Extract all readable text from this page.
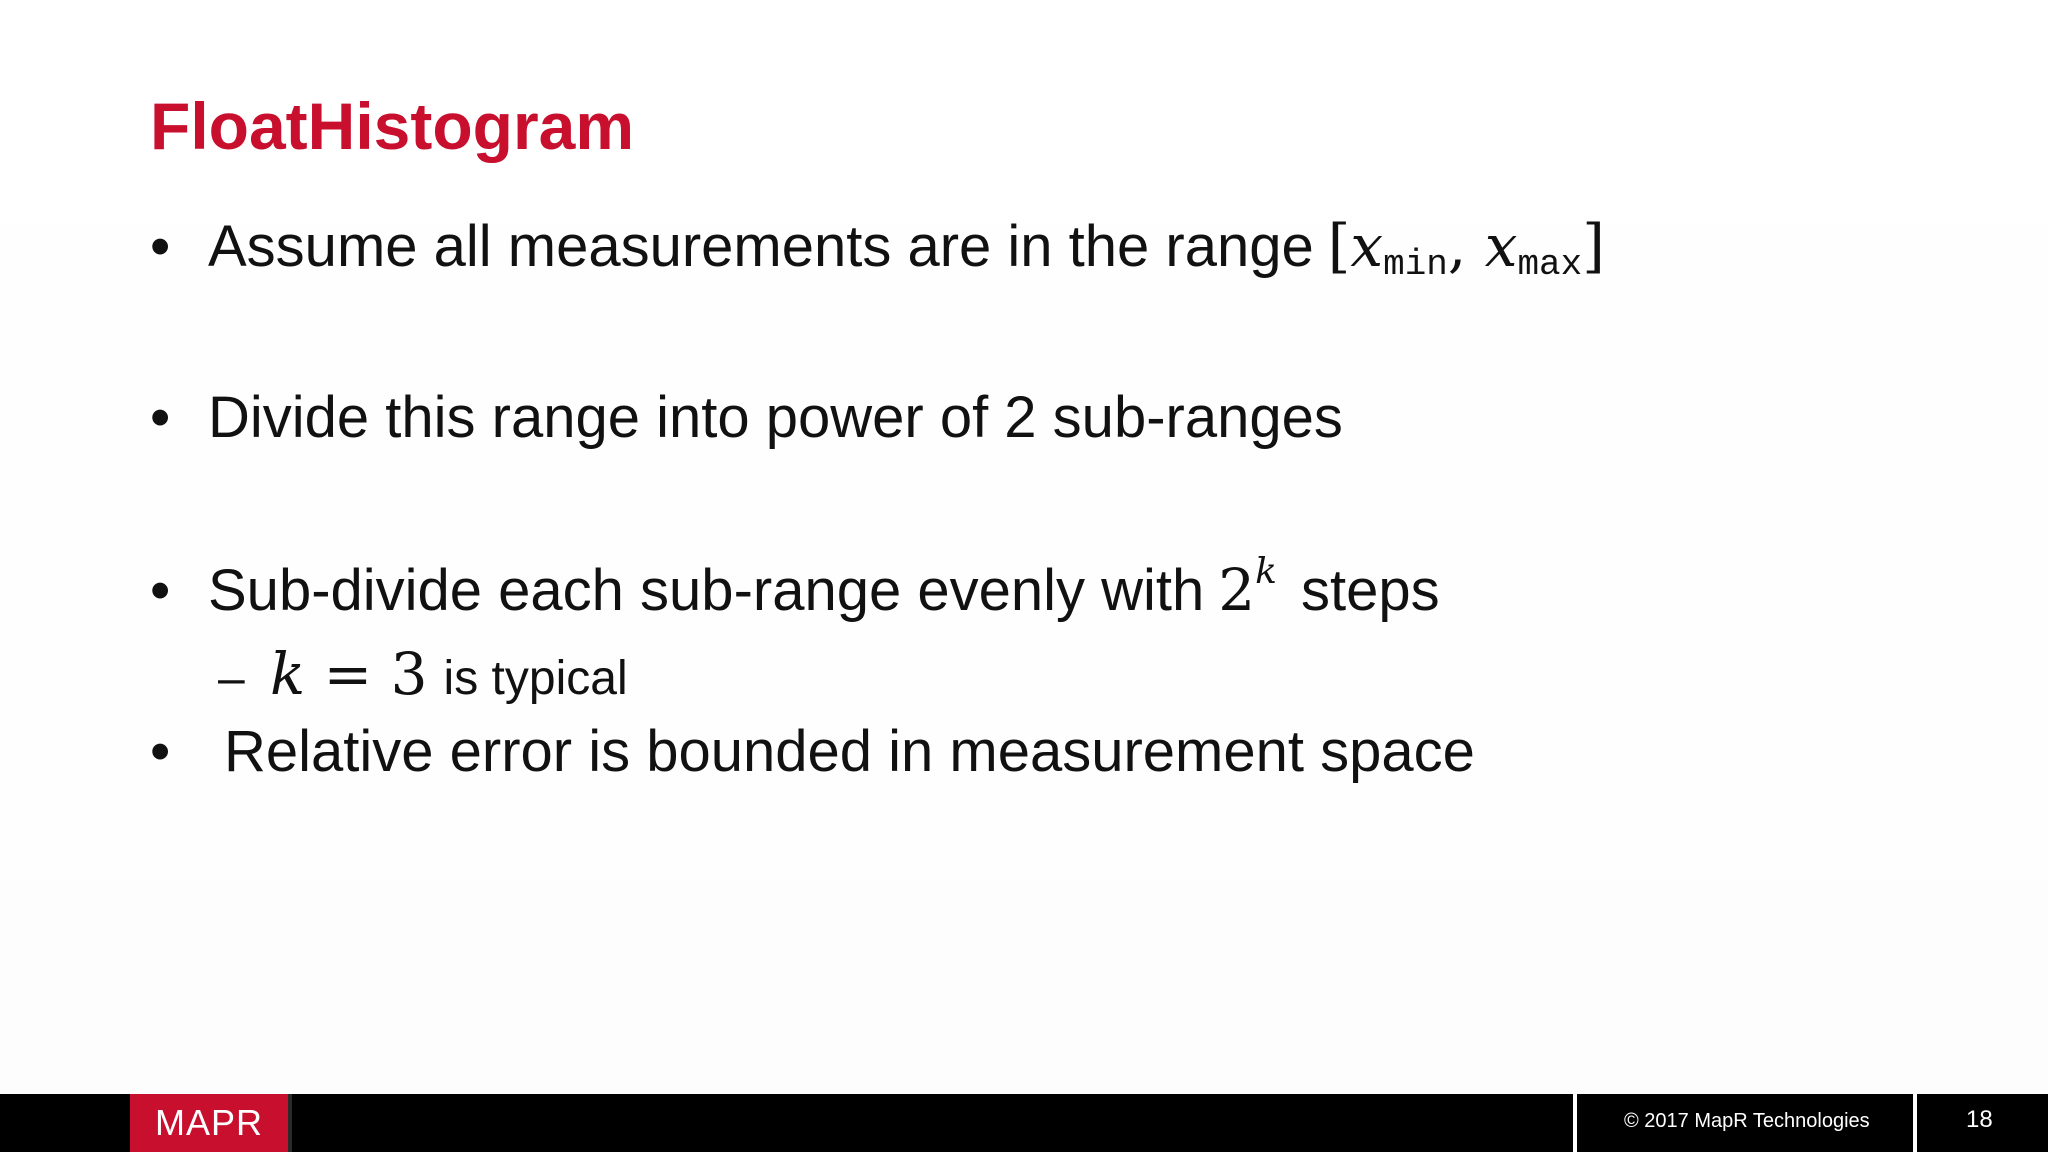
FloatHistogram
• Assume all measurements are in the range [xmin, xmax]
• Divide this range into power of 2 sub-ranges
• Sub-divide each sub-range evenly with 2$^k$ steps
– k = 3 is typical
• Relative error is bounded in measurement space
MAPR	© 2017 MapR Technologies	18
